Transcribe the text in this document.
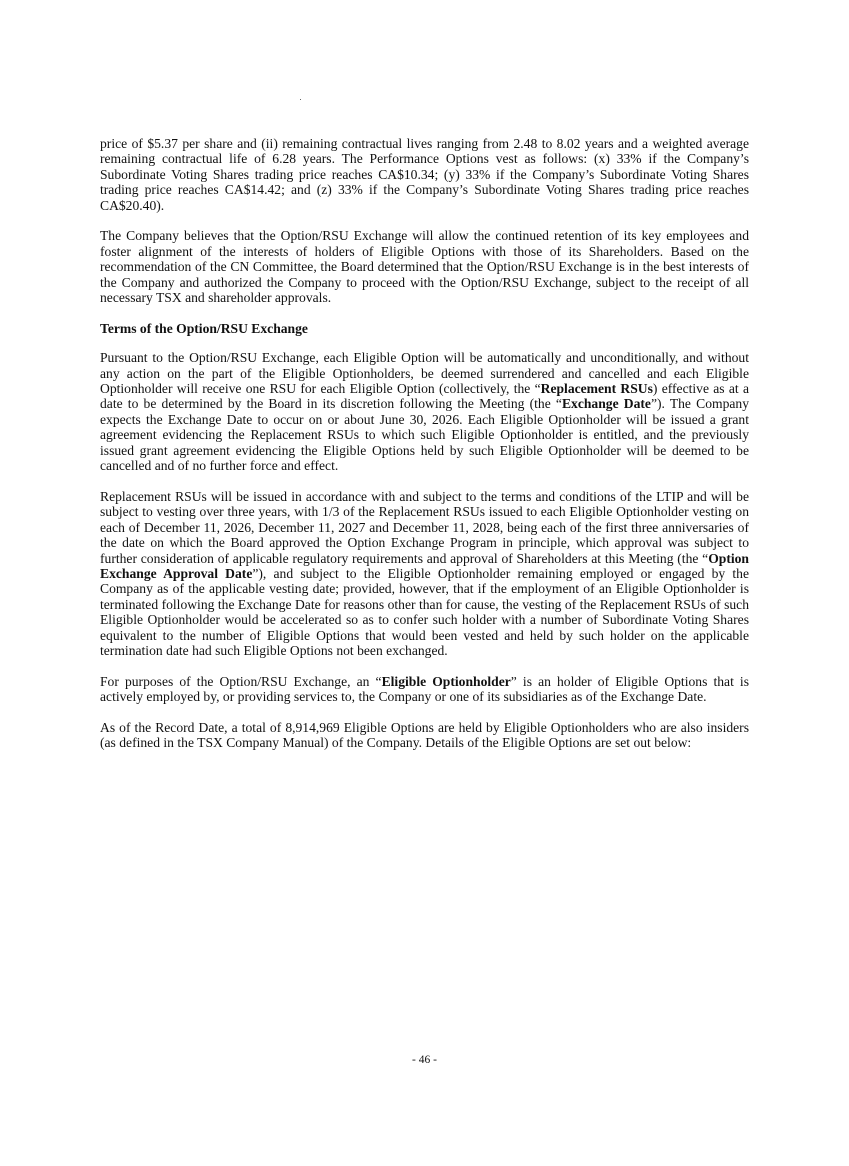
price of $5.37 per share and (ii) remaining contractual lives ranging from 2.48 to 8.02 years and a weighted average remaining contractual life of 6.28 years. The Performance Options vest as follows: (x) 33% if the Company’s Subordinate Voting Shares trading price reaches CA$10.34; (y) 33% if the Company’s Subordinate Voting Shares trading price reaches CA$14.42; and (z) 33% if the Company’s Subordinate Voting Shares trading price reaches CA$20.40).

The Company believes that the Option/RSU Exchange will allow the continued retention of its key employees and foster alignment of the interests of holders of Eligible Options with those of its Shareholders. Based on the recommendation of the CN Committee, the Board determined that the Option/RSU Exchange is in the best interests of the Company and authorized the Company to proceed with the Option/RSU Exchange, subject to the receipt of all necessary TSX and shareholder approvals.

Terms of the Option/RSU Exchange

Pursuant to the Option/RSU Exchange, each Eligible Option will be automatically and unconditionally, and without any action on the part of the Eligible Optionholders, be deemed surrendered and cancelled and each Eligible Optionholder will receive one RSU for each Eligible Option (collectively, the “Replacement RSUs) effective as at a date to be determined by the Board in its discretion following the Meeting (the “Exchange Date”). The Company expects the Exchange Date to occur on or about June 30, 2026. Each Eligible Optionholder will be issued a grant agreement evidencing the Replacement RSUs to which such Eligible Optionholder is entitled, and the previously issued grant agreement evidencing the Eligible Options held by such Eligible Optionholder will be deemed to be cancelled and of no further force and effect.

Replacement RSUs will be issued in accordance with and subject to the terms and conditions of the LTIP and will be subject to vesting over three years, with 1/3 of the Replacement RSUs issued to each Eligible Optionholder vesting on each of December 11, 2026, December 11, 2027 and December 11, 2028, being each of the first three anniversaries of the date on which the Board approved the Option Exchange Program in principle, which approval was subject to further consideration of applicable regulatory requirements and approval of Shareholders at this Meeting (the “Option Exchange Approval Date”), and subject to the Eligible Optionholder remaining employed or engaged by the Company as of the applicable vesting date; provided, however, that if the employment of an Eligible Optionholder is terminated following the Exchange Date for reasons other than for cause, the vesting of the Replacement RSUs of such Eligible Optionholder would be accelerated so as to confer such holder with a number of Subordinate Voting Shares equivalent to the number of Eligible Options that would been vested and held by such holder on the applicable termination date had such Eligible Options not been exchanged.

For purposes of the Option/RSU Exchange, an “Eligible Optionholder” is an holder of Eligible Options that is actively employed by, or providing services to, the Company or one of its subsidiaries as of the Exchange Date.

As of the Record Date, a total of 8,914,969 Eligible Options are held by Eligible Optionholders who are also insiders (as defined in the TSX Company Manual) of the Company. Details of the Eligible Options are set out below:

- 46 -
